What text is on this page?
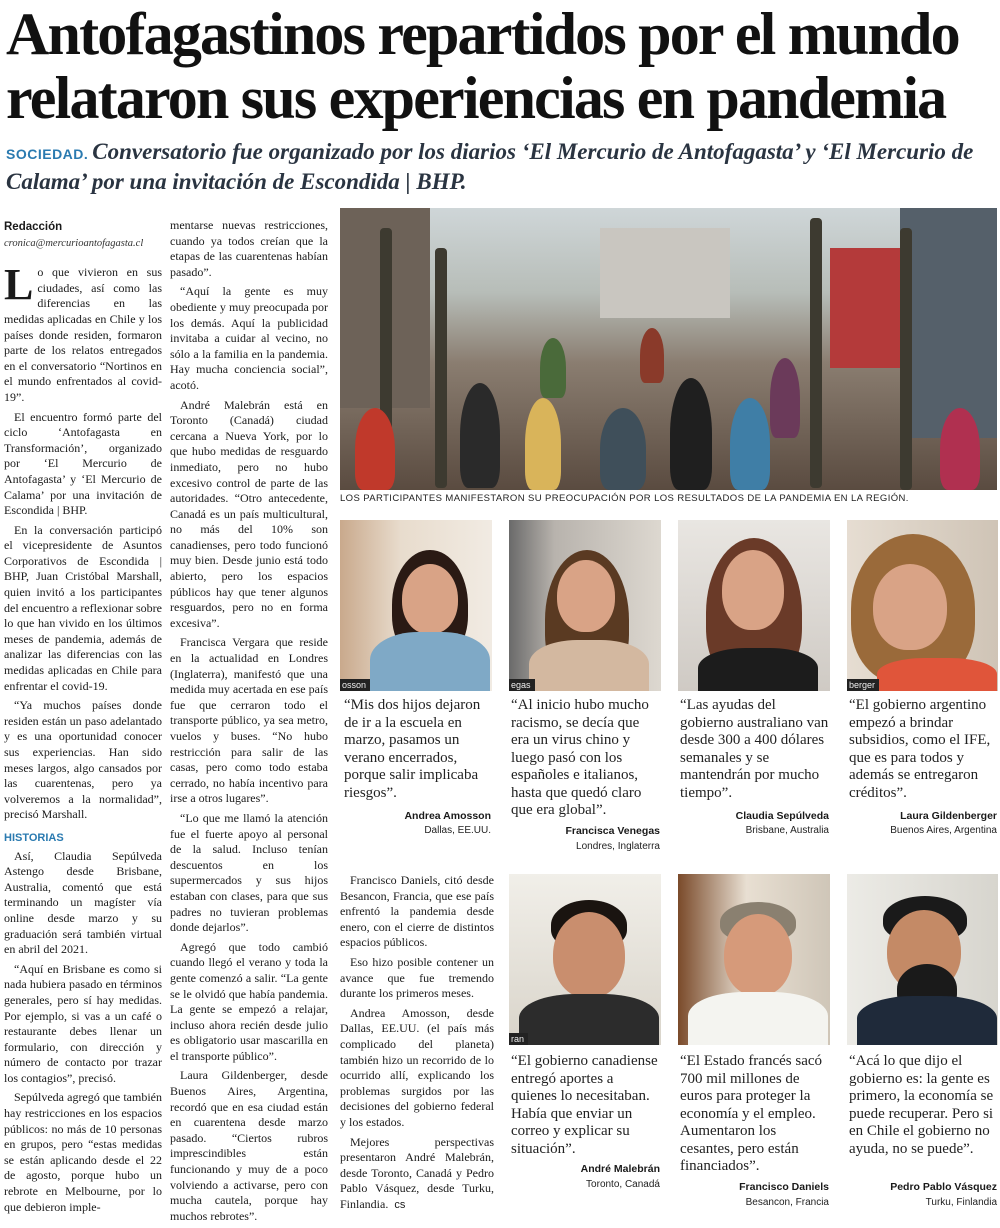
Antofagastinos repartidos por el mundo relataron sus experiencias en pandemia
SOCIEDAD. Conversatorio fue organizado por los diarios ‘El Mercurio de Antofagasta’ y ‘El Mercurio de Calama’ por una invitación de Escondida | BHP.
Redacción
cronica@mercurioantofagasta.cl

Lo que vivieron en sus ciudades, así como las diferencias en las medidas aplicadas en Chile y los países donde residen, formaron parte de los relatos entregados en el conversatorio “Nortinos en el mundo enfrentados al covid-19”.

El encuentro formó parte del ciclo ‘Antofagasta en Transformación’, organizado por ‘El Mercurio de Antofagasta’ y ‘El Mercurio de Calama’ por una invitación de Escondida | BHP.

En la conversación participó el vicepresidente de Asuntos Corporativos de Escondida | BHP, Juan Cristóbal Marshall, quien invitó a los participantes del encuentro a reflexionar sobre lo que han vivido en los últimos meses de pandemia, además de analizar las diferencias con las medidas aplicadas en Chile para enfrentar el covid-19.

“Ya muchos países donde residen están un paso adelantado y es una oportunidad conocer sus experiencias. Han sido meses largos, algo cansados por las cuarentenas, pero ya volveremos a la normalidad”, precisó Marshall.

HISTORIAS

Así, Claudia Sepúlveda Astengo desde Brisbane, Australia, comentó que está terminando un magíster vía online desde marzo y su graduación será también virtual en abril del 2021.

“Aquí en Brisbane es como si nada hubiera pasado en términos generales, pero sí hay medidas. Por ejemplo, si vas a un café o restaurante debes llenar un formulario, con dirección y número de contacto por trazar los contagios”, precisó.

Sepúlveda agregó que también hay restricciones en los espacios públicos: no más de 10 personas en grupos, pero “estas medidas se están aplicando desde el 22 de agosto, porque hubo un rebrote en Melbourne, por lo que debieron imple-

mentarse nuevas restricciones, cuando ya todos creían que la etapas de las cuarentenas habían pasado”.

“Aquí la gente es muy obediente y muy preocupada por los demás. Aquí la publicidad invitaba a cuidar al vecino, no sólo a la familia en la pandemia. Hay mucha conciencia social”, acotó.

André Malebrán está en Toronto (Canadá) ciudad cercana a Nueva York, por lo que hubo medidas de resguardo inmediato, pero no hubo excesivo control de parte de las autoridades. “Otro antecedente, Canadá es un país multicultural, no más del 10% son canadienses, pero todo funcionó muy bien. Desde junio está todo abierto, pero los espacios públicos hay que tener algunos resguardos, pero no en forma excesiva”.

Francisca Vergara que reside en la actualidad en Londres (Inglaterra), manifestó que una medida muy acertada en ese país fue que cerraron todo el transporte público, ya sea metro, vuelos y buses. “No hubo restricción para salir de las casas, pero como todo estaba cerrado, no había incentivo para irse a otros lugares”.

“Lo que me llamó la atención fue el fuerte apoyo al personal de la salud. Incluso tenían descuentos en los supermercados y sus hijos estaban con clases, para que sus padres no tuvieran problemas donde dejarlos”.

Agregó que todo cambió cuando llegó el verano y toda la gente comenzó a salir. “La gente se le olvidó que había pandemia. La gente se empezó a relajar, incluso ahora recién desde julio es obligatorio usar mascarilla en el transporte público”.

Laura Gildenberger, desde Buenos Aires, Argentina, recordó que en esa ciudad están en cuarentena desde marzo pasado. “Ciertos rubros imprescindibles están funcionando y muy de a poco volviendo a activarse, pero con mucha cautela, porque hay muchos rebrotes”.

LOS PARTICIPANTES MANIFESTARON SU PREOCUPACIÓN POR LOS RESULTADOS DE LA PANDEMIA EN LA REGIÓN.
osson	egas	berger
“Mis dos hijos dejaron de ir a la escuela en marzo, pasamos un verano encerrados, porque salir implicaba riesgos”.
Andrea Amosson
Dallas, EE.UU.
“Al inicio hubo mucho racismo, se decía que era un virus chino y luego pasó con los españoles e italianos, hasta que quedó claro que era global”.
Francisca Venegas
Londres, Inglaterra
“Las ayudas del gobierno australiano van desde 300 a 400 dólares semanales y se mantendrán por mucho tiempo”.
Claudia Sepúlveda
Brisbane, Australia
“El gobierno argentino empezó a brindar subsidios, como el IFE, que es para todos y además se entregaron créditos”.
Laura Gildenberger
Buenos Aires, Argentina

Francisco Daniels, citó desde Besancon, Francia, que ese país enfrentó la pandemia desde enero, con el cierre de distintos espacios públicos.

Eso hizo posible contener un avance que fue tremendo durante los primeros meses.

Andrea Amosson, desde Dallas, EE.UU. (el país más complicado del planeta) también hizo un recorrido de lo ocurrido allí, explicando los problemas surgidos por las decisiones del gobierno federal y los estados.

Mejores perspectivas presentaron André Malebrán, desde Toronto, Canadá y Pedro Pablo Vásquez, desde Turku, Finlandia. cs

ran
“El gobierno canadiense entregó aportes a quienes lo necesitaban. Había que enviar un correo y explicar su situación”.
André Malebrán
Toronto, Canadá
“El Estado francés sacó 700 mil millones de euros para proteger la economía y el empleo. Aumentaron los cesantes, pero están financiados”.
Francisco Daniels
Besancon, Francia
“Acá lo que dijo el gobierno es: la gente es primero, la economía se puede recuperar. Pero si en Chile el gobierno no ayuda, no se puede”.
Pedro Pablo Vásquez
Turku, Finlandia
